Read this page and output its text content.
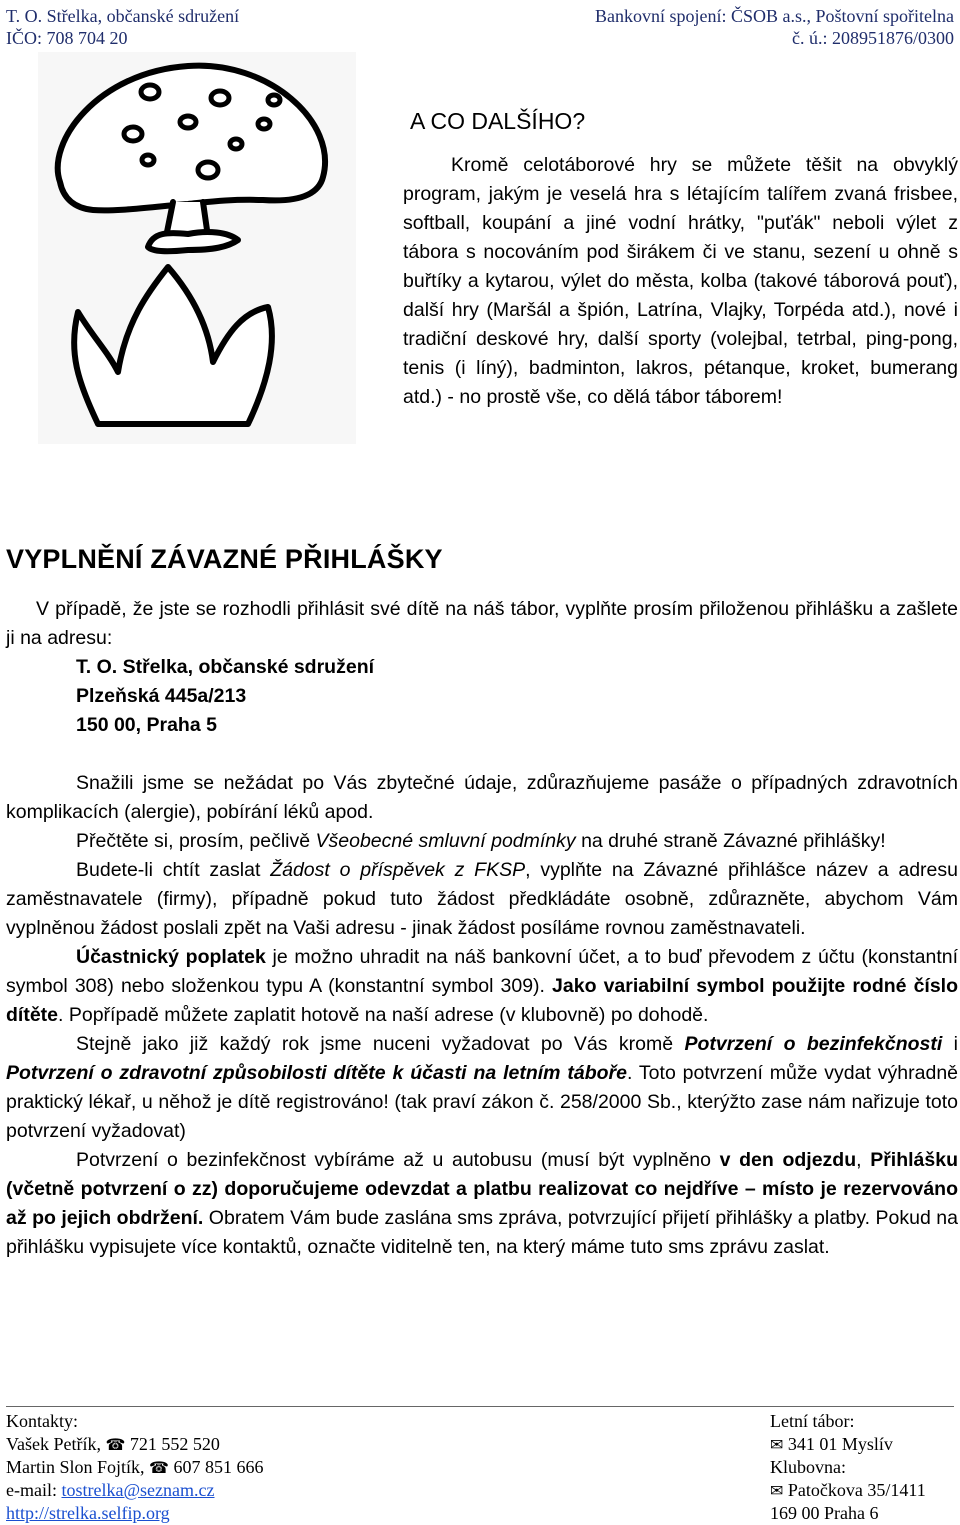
T. O. Střelka, občanské sdružení
IČO: 708 704 20
Bankovní spojení: ČSOB a.s., Poštovní spořitelna
č. ú.: 208951876/0300
A CO DALŠÍHO?
Kromě celotáborové hry se můžete těšit na obvyklý program, jakým je veselá hra s létajícím talířem zvaná frisbee, softball, koupání a jiné vodní hrátky, "puťák" neboli výlet z tábora s nocováním pod širákem či ve stanu, sezení u ohně s buřtíky a kytarou, výlet do města, kolba (takové táborová pouť), další hry (Maršál a špión, Latrína, Vlajky, Torpéda atd.), nové i tradiční deskové hry, další sporty (volejbal, tetrbal, ping-pong, tenis (i líný), badminton, lakros, pétanque, kroket, bumerang atd.) - no prostě vše, co dělá tábor táborem!
VYPLNĚNÍ ZÁVAZNÉ PŘIHLÁŠKY

V případě, že jste se rozhodli přihlásit své dítě na náš tábor, vyplňte prosím přiloženou přihlášku a zašlete ji na adresu:

T. O. Střelka, občanské sdružení

Plzeňská 445a/213

150 00, Praha 5

Snažili jsme se nežádat po Vás zbytečné údaje, zdůrazňujeme pasáže o případných zdravotních komplikacích (alergie), pobírání léků apod.

Přečtěte si, prosím, pečlivě Všeobecné smluvní podmínky na druhé straně Závazné přihlášky!

Budete-li chtít zaslat Žádost o příspěvek z FKSP, vyplňte na Závazné přihlášce název a adresu zaměstnavatele (firmy), případně pokud tuto žádost předkládáte osobně, zdůrazněte, abychom Vám vyplněnou žádost poslali zpět na Vaši adresu - jinak žádost posíláme rovnou zaměstnavateli.

Účastnický poplatek je možno uhradit na náš bankovní účet, a to buď převodem z účtu (konstantní symbol 308) nebo složenkou typu A (konstantní symbol 309). Jako variabilní symbol použijte rodné číslo dítěte. Popřípadě můžete zaplatit hotově na naší adrese (v klubovně) po dohodě.

Stejně jako již každý rok jsme nuceni vyžadovat po Vás kromě Potvrzení o bezinfekčnosti i Potvrzení o zdravotní způsobilosti dítěte k účasti na letním táboře. Toto potvrzení může vydat výhradně praktický lékař, u něhož je dítě registrováno! (tak praví zákon č. 258/2000 Sb., kterýžto zase nám nařizuje toto potvrzení vyžadovat)

Potvrzení o bezinfekčnost vybíráme až u autobusu (musí být vyplněno v den odjezdu, Přihlášku (včetně potvrzení o zz) doporučujeme odevzdat a platbu realizovat co nejdříve – místo je rezervováno až po jejich obdržení. Obratem Vám bude zaslána sms zpráva, potvrzující přijetí přihlášky a platby. Pokud na přihlášku vypisujete více kontaktů, označte viditelně ten, na který máme tuto sms zprávu zaslat.

Kontakty:
Vašek Petřík, ☎ 721 552 520
Martin Slon Fojtík, ☎ 607 851 666
e-mail: tostrelka@seznam.cz
http://strelka.selfip.org
Letní tábor:
✉ 341 01 Myslív
Klubovna:
✉ Patočkova 35/1411
169 00 Praha 6
